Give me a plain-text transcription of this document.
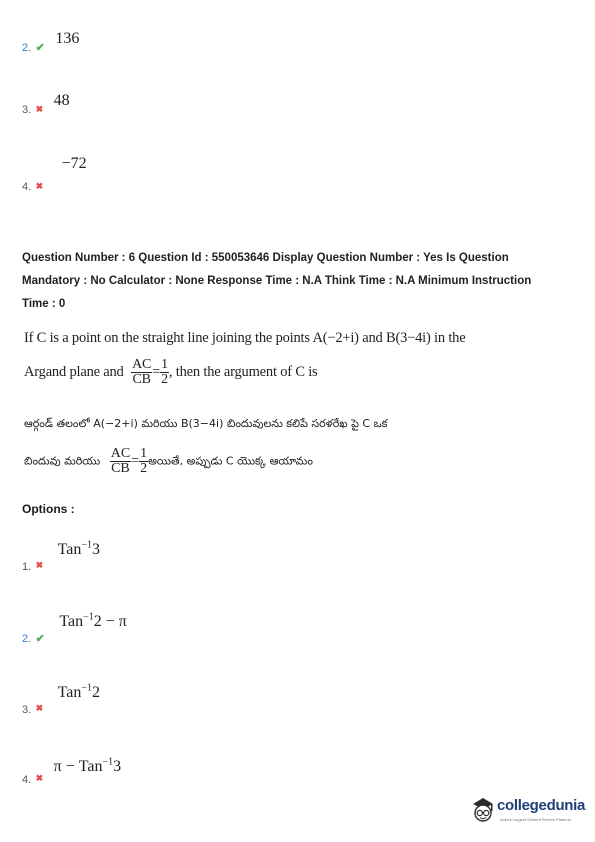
$_{2.}$ $_✔$ 136
$_{3.}$ $_✖$ 48
$_{4.}$ $_✖$ −72
Question Number : 6 Question Id : 550053646 Display Question Number : Yes Is Question
Mandatory : No Calculator : None Response Time : N.A Think Time : N.A Minimum Instruction
Time : 0
If C is a point on the straight line joining the points A(−2+i) and B(3−4i) in the
Argand plane and $\frac{AC}{CB} = \frac{1}{2}$ , then the argument of C is
ఆర్గండ్ తలంలో A(−2+i) మరియు B(3−4i) బిందువులను కలిపే సరళరేఖ పై C ఒక
బిందువు మరియు $\frac{AC}{CB} = \frac{1}{2}$ అయితే, అప్పుడు C యొక్క ఆయామం
Options :
$_{1.}$ $_✖$ Tan$^{-1}$3
$_{2.}$ $_✔$ Tan$^{-1}$2 − π
$_{3.}$ $_✖$ Tan$^{-1}$2
$_{4.}$ $_✖$ π − Tan$^{-1}$3
collegedunia
India's Largest Student Review Platform
